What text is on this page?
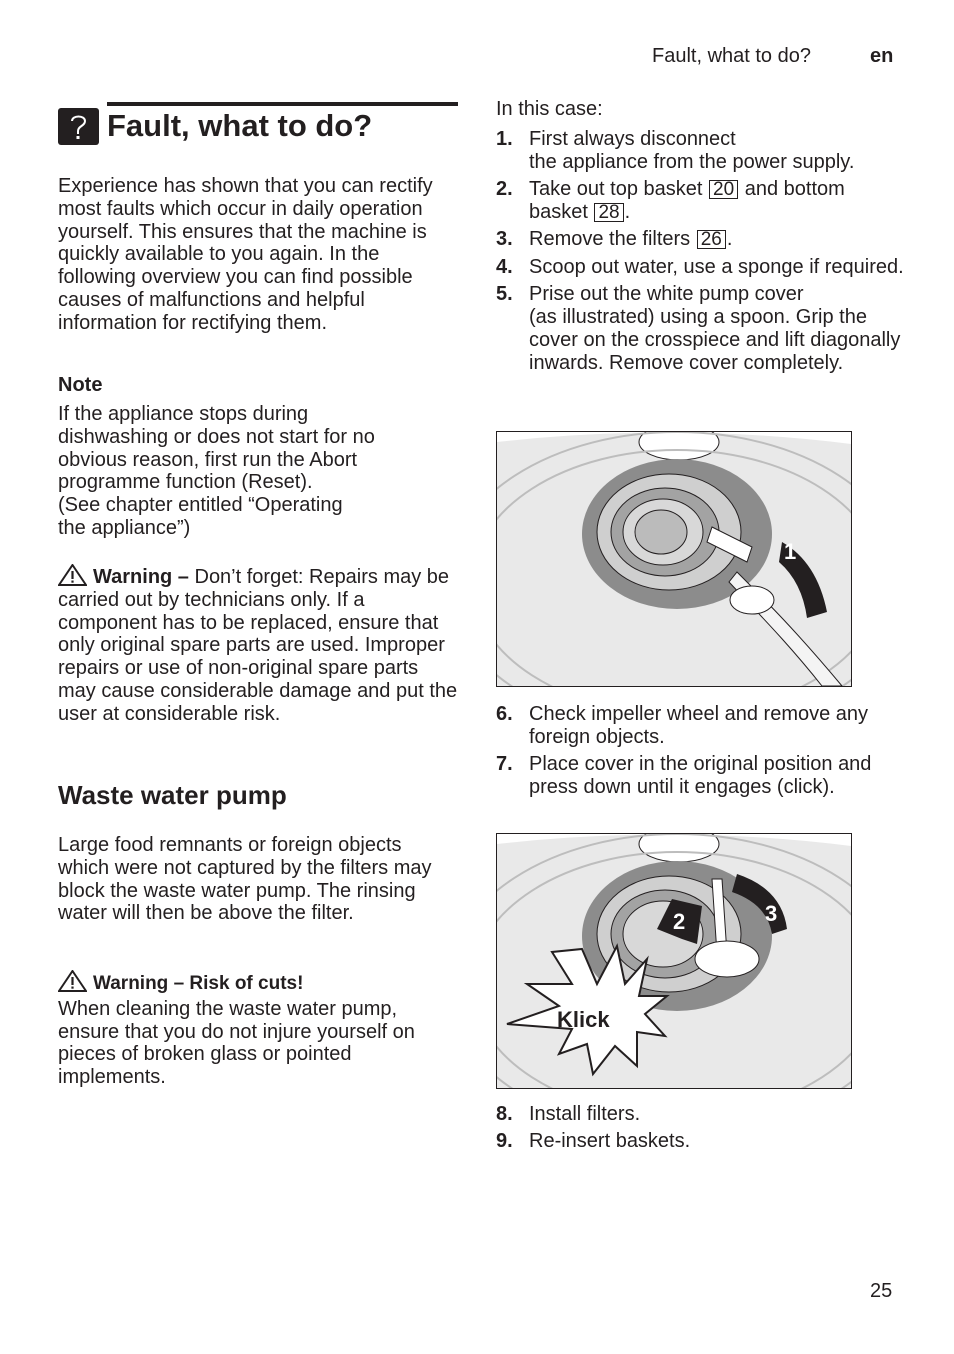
Fault, what to do?	en
Fault, what to do?
Experience has shown that you can rectify most faults which occur in daily operation yourself. This ensures that the machine is quickly available to you again. In the following overview you can find possible causes of malfunctions and helpful information for rectifying them.
Note
If the appliance stops during
dishwashing or does not start for no
obvious reason, first run the Abort
programme function (Reset).
(See chapter entitled “Operating
the appliance”)
Warning – Don’t forget: Repairs may be carried out by technicians only. If a component has to be replaced, ensure that only original spare parts are used. Improper repairs or use of non-original spare parts may cause considerable damage and put the user at considerable risk.
Waste water pump
Large food remnants or foreign objects which were not captured by the filters may block the waste water pump. The rinsing water will then be above the filter.
Warning – Risk of cuts!
When cleaning the waste water pump, ensure that you do not injure yourself on pieces of broken glass or pointed implements.
In this case:
1. First always disconnect
the appliance from the power supply.
2. Take out top basket 20 and bottom basket 28 .
3. Remove the filters 26 .
4. Scoop out water, use a sponge if required.
5. Prise out the white pump cover
(as illustrated) using a spoon. Grip the cover on the crosspiece and lift diagonally inwards. Remove cover completely.
1
6. Check impeller wheel and remove any foreign objects.
7. Place cover in the original position and press down until it engages (click).
2	3
Klick
8. Install filters.
9. Re-insert baskets.
25
